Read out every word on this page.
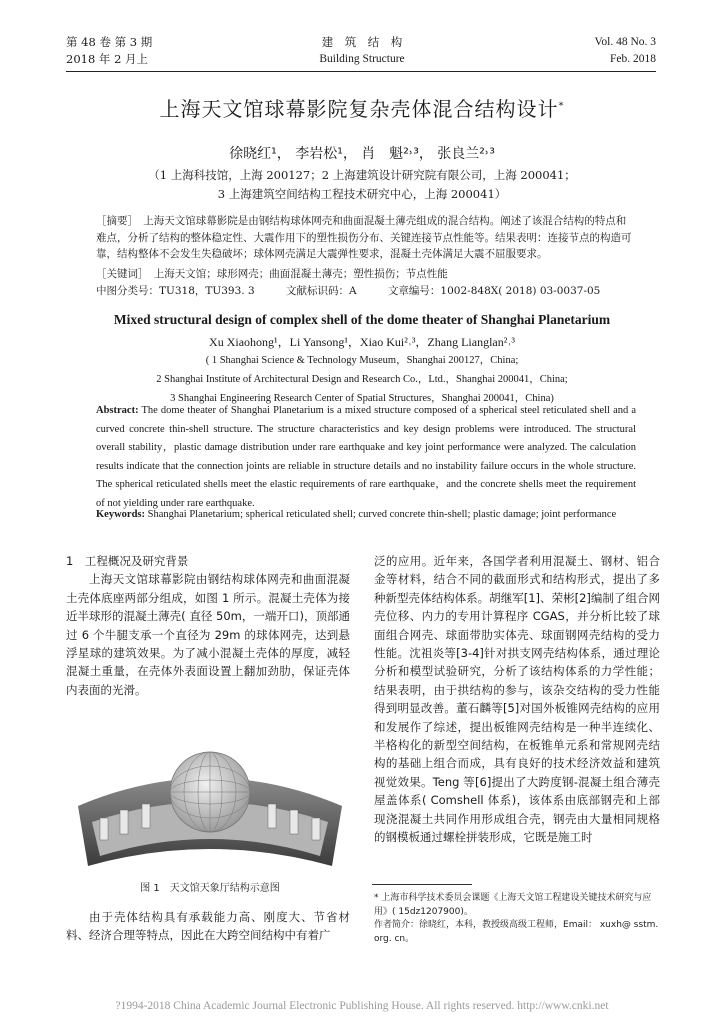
第 48 卷 第 3 期
2018 年 2 月上
建　筑　结　构
Building Structure
Vol. 48 No. 3
Feb. 2018
上海天文馆球幕影院复杂壳体混合结构设计*
徐晓红¹， 李岩松¹， 肖　魁²˒³， 张良兰²˒³
（1 上海科技馆，上海 200127；2 上海建筑设计研究院有限公司，上海 200041；
3 上海建筑空间结构工程技术研究中心，上海 200041）
［摘要］　上海天文馆球幕影院是由钢结构球体网壳和曲面混凝土薄壳组成的混合结构。阐述了该混合结构的特点和难点，分析了结构的整体稳定性、大震作用下的塑性损伤分布、关键连接节点性能等。结果表明：连接节点的构造可靠，结构整体不会发生失稳破坏；球体网壳满足大震弹性要求，混凝土壳体满足大震不屈服要求。
［关键词］　上海天文馆；球形网壳；曲面混凝土薄壳；塑性损伤；节点性能
中图分类号：TU318，TU393. 3	文献标识码：A	文章编号：1002-848X( 2018) 03-0037-05
Mixed structural design of complex shell of the dome theater of Shanghai Planetarium
Xu Xiaohong¹，Li Yansong¹，Xiao Kui²˒³，Zhang Lianglan²˒³
( 1 Shanghai Science & Technology Museum，Shanghai 200127，China;
2 Shanghai Institute of Architectural Design and Research Co.，Ltd.，Shanghai 200041，China;
3 Shanghai Engineering Research Center of Spatial Structures，Shanghai 200041，China)
Abstract: The dome theater of Shanghai Planetarium is a mixed structure composed of a spherical steel reticulated shell and a curved concrete thin-shell structure. The structure characteristics and key design problems were introduced. The structural overall stability，plastic damage distribution under rare earthquake and key joint performance were analyzed. The calculation results indicate that the connection joints are reliable in structure details and no instability failure occurs in the whole structure. The spherical reticulated shells meet the elastic requirements of rare earthquake，and the concrete shells meet the requirement of not yielding under rare earthquake.
Keywords: Shanghai Planetarium; spherical reticulated shell; curved concrete thin-shell; plastic damage; joint performance

1　工程概况及研究背景

上海天文馆球幕影院由钢结构球体网壳和曲面混凝土壳体底座两部分组成，如图 1 所示。混凝土壳体为接近半球形的混凝土薄壳( 直径 50m，一端开口)，顶部通过 6 个牛腿支承一个直径为 29m 的球体网壳，达到悬浮星球的建筑效果。为了减小混凝土壳体的厚度，减轻混凝土重量，在壳体外表面设置上翻加劲肋，保证壳体内表面的光滑。

图 1　天文馆天象厅结构示意图

由于壳体结构具有承载能力高、刚度大、节省材料、经济合理等特点，因此在大跨空间结构中有着广

泛的应用。近年来，各国学者利用混凝土、钢材、铝合金等材料，结合不同的截面形式和结构形式，提出了多种新型壳体结构体系。胡继军[1]、荣彬[2]编制了组合网壳位移、内力的专用计算程序 CGAS，并分析比较了球面组合网壳、球面带肋实体壳、球面钢网壳结构的受力性能。沈祖炎等[3-4]针对拱支网壳结构体系，通过理论分析和模型试验研究，分析了该结构体系的力学性能；结果表明，由于拱结构的参与，该杂交结构的受力性能得到明显改善。董石麟等[5]对国外板锥网壳结构的应用和发展作了综述，提出板锥网壳结构是一种半连续化、半格构化的新型空间结构，在板锥单元系和常规网壳结构的基础上组合而成，具有良好的技术经济效益和建筑视觉效果。Teng 等[6]提出了大跨度钢-混凝土组合薄壳屋盖体系( Comshell 体系)，该体系由底部钢壳和上部现浇混凝土共同作用形成组合壳，钢壳由大量相同规格的钢模板通过螺栓拼装形成，它既是施工时

* 上海市科学技术委员会课题《上海天文馆工程建设关键技术研究与应用》( 15dz1207900)。
作者简介：徐晓红，本科，教授级高级工程师，Email： xuxh@ sstm. org. cn。
?1994-2018 China Academic Journal Electronic Publishing House. All rights reserved. http://www.cnki.net
